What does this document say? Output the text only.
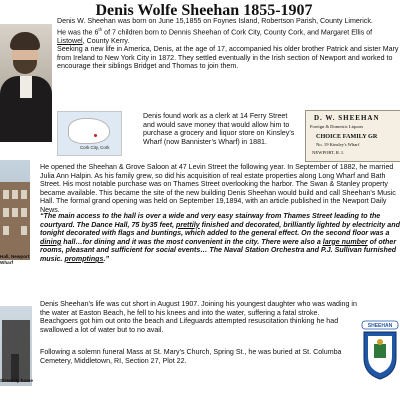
Denis Wolfe Sheehan 1855-1907
Denis W. Sheehan was born on June 15,1855 on Foynes Island, Robertson Parish, County Limerick.
He was the 6th of 7 children born to Dennis Sheehan of Cork City, County Cork, and Margaret Ellis of
Listowel, County Kerry.
Seeking a new life in America, Denis, at the age of 17, accompanied his older brother Patrick and sister Mary
from Ireland to New York City in 1872. They settled eventually in the Irish section of Newport and worked to
encourage their siblings Bridget and Thomas to join them.
Cork City, Cork
Denis found work as a clerk at 14 Ferry Street and would save money that would allow him to purchase a grocery and liquor store on Kinsley’s Wharf (now Bannister’s Wharf) in 1881.
D. W. SHEEHAN
Foreign & Domestic Liquors
CHOICE FAMILY GR
No. 19 Kinsley's Wharf
NEWPORT, R. I.
Hall, Newport Wharf
He opened the Sheehan & Grove Saloon at 47 Levin Street the following year. In September of 1882, he married Julia Ann Halpin. As his family grew, so did his acquisition of real estate properties along Long Wharf and Bath Street. His most notable purchase was on Thames Street overlooking the harbor. The Swan & Stanley property became available. This became the site of the new building Denis Sheehan would build and call Sheehan's Music Hall. The formal grand opening was held on September 19,1894, with an article published in the Newport Daily News.
“The main access to the hall is over a wide and very easy stairway from Thames Street leading to the courtyard. The Dance Hall, 75 by35 feet, prettily finished and decorated, brilliantly lighted by electricity and tonight decorated with flags and buntings, which added to the general effect. On the second floor was a dining hall…for dining and it was the most convenient in the city. There were also a large number of other rooms, pleasant and sufficient for social events… The Naval Station Orchestra and P.J. Sullivan furnished music. promptings.”
Street ily home
Denis Sheehan’s life was cut short in August 1907. Joining his youngest daughter who was wading in the water at Easton Beach, he fell to his knees and into the water, suffering a fatal stroke. Beachgoers got him out onto the beach and Lifeguards attempted resuscitation thinking he had swallowed a lot of water but to no avail.
Following a solemn funeral Mass at St. Mary’s Church, Spring St., he was buried at St. Columba Cemetery, Middletown, RI, Section 27, Plot 22.
SHEEHAN
